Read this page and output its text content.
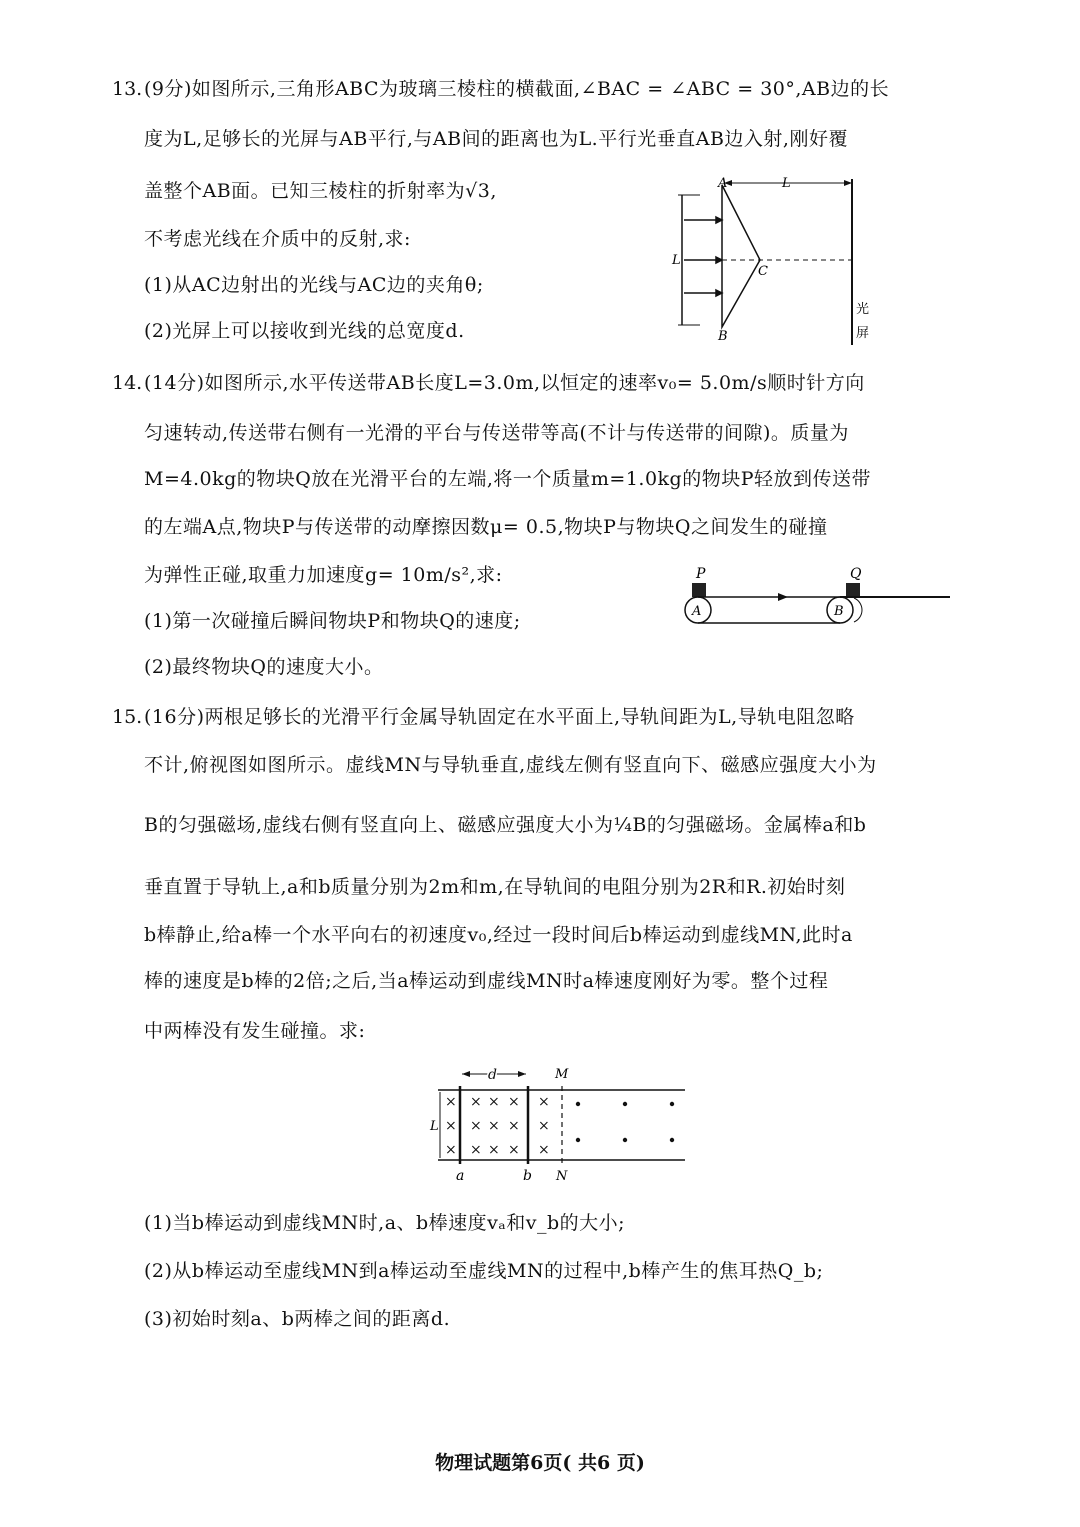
13. (9分)如图所示,三角形ABC为玻璃三棱柱的横截面,∠BAC = ∠ABC = 30°,AB边的长
度为L,足够长的光屏与AB平行,与AB间的距离也为L.平行光垂直AB边入射,刚好覆
盖整个AB面。已知三棱柱的折射率为√3,
不考虑光线在介质中的反射,求:
(1)从AC边射出的光线与AC边的夹角θ;
(2)光屏上可以接收到光线的总宽度d.
A
B
C
L
L
光
屏
14. (14分)如图所示,水平传送带AB长度L=3.0m,以恒定的速率v₀= 5.0m/s顺时针方向
匀速转动,传送带右侧有一光滑的平台与传送带等高(不计与传送带的间隙)。质量为
M=4.0kg的物块Q放在光滑平台的左端,将一个质量m=1.0kg的物块P轻放到传送带
的左端A点,物块P与传送带的动摩擦因数μ= 0.5,物块P与物块Q之间发生的碰撞
为弹性正碰,取重力加速度g= 10m/s²,求:
(1)第一次碰撞后瞬间物块P和物块Q的速度;
(2)最终物块Q的速度大小。
P	Q
A	B
15. (16分)两根足够长的光滑平行金属导轨固定在水平面上,导轨间距为L,导轨电阻忽略
不计,俯视图如图所示。虚线MN与导轨垂直,虚线左侧有竖直向下、磁感应强度大小为
B的匀强磁场,虚线右侧有竖直向上、磁感应强度大小为¼B的匀强磁场。金属棒a和b
垂直置于导轨上,a和b质量分别为2m和m,在导轨间的电阻分别为2R和R.初始时刻
b棒静止,给a棒一个水平向右的初速度v₀,经过一段时间后b棒运动到虚线MN,此时a
棒的速度是b棒的2倍;之后,当a棒运动到虚线MN时a棒速度刚好为零。整个过程
中两棒没有发生碰撞。求:
L
d	M
×
×
×
× × × ×
× × × ×
× × × ×
a	b N
(1)当b棒运动到虚线MN时,a、b棒速度vₐ和v_b的大小;
(2)从b棒运动至虚线MN到a棒运动至虚线MN的过程中,b棒产生的焦耳热Q_b;
(3)初始时刻a、b两棒之间的距离d.
物理试题第6页( 共6 页)
